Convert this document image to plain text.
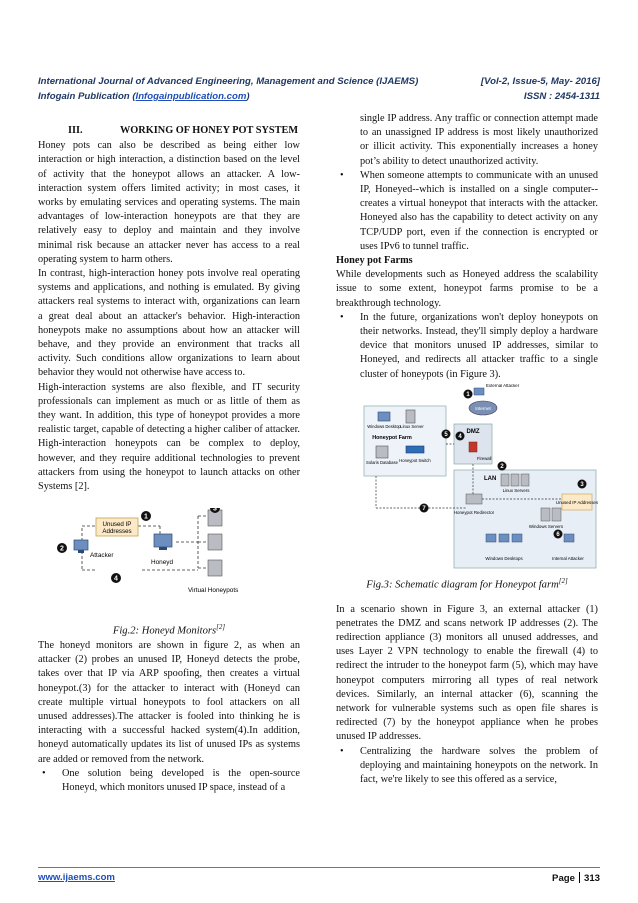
International Journal of Advanced Engineering, Management and Science (IJAEMS)	[Vol-2, Issue-5, May- 2016]
Infogain Publication (Infogainpublication.com)	ISSN : 2454-1311

III.	WORKING OF HONEY POT SYSTEM

Honey pots can also be described as being either low interaction or high interaction, a distinction based on the level of activity that the honeypot allows an attacker. A low-interaction system offers limited activity; in most cases, it works by emulating services and operating systems. The main advantages of low-interaction honeypots are that they are relatively easy to deploy and maintain and they involve minimal risk because an attacker never has access to a real operating system to harm others.

In contrast, high-interaction honey pots involve real operating systems and applications, and nothing is emulated. By giving attackers real systems to interact with, organizations can learn a great deal about an attacker's behavior. High-interaction honeypots make no assumptions about how an attacker will behave, and they provide an environment that tracks all activity. Such conditions allow organizations to learn about behavior they would not otherwise have access to.

High-interaction systems are also flexible, and IT security professionals can implement as much or as little of them as they want. In addition, this type of honeypot provides a more realistic target, capable of detecting a higher caliber of attacker. High-interaction honeypots can be complex to deploy, however, and they require additional technologies to prevent attackers from using the honeypot to launch attacks on other Systems [2].

Unused IP
Addresses
Attacker
Honeyd
Virtual Honeypots
1
2
3
4

Fig.2: Honeyd Monitors[2]

The honeyd monitors are shown in figure 2, as when an attacker (2) probes an unused IP, Honeyd detects the probe, takes over that IP via ARP spoofing, then creates a virtual honeypot.(3) for the attacker to interact with (Honeyd can create multiple virtual honeypots to fool attackers on all unused addresses).The attacker is fooled into thinking he is interacting with a successful hacked system(4).In addition, honeyd automatically updates its list of unused IPs as systems are added or removed from the network.

• One solution being developed is the open-source Honeyd, which monitors unused IP space, instead of a

single IP address. Any traffic or connection attempt made to an unassigned IP address is most likely unauthorized or illicit activity. This exponentially increases a honey pot’s ability to detect unauthorized activity.

• When someone attempts to communicate with an unused IP, Honeyed--which is installed on a single computer--creates a virtual honeypot that interacts with the attacker. Honeyed also has the capability to detect activity on any TCP/UDP port, even if the connection is encrypted or uses IPv6 to tunnel traffic.

Honey pot Farms

While developments such as Honeyed address the scalability issue to some extent, honeypot farms promise to be a breakthrough technology.

• In the future, organizations won't deploy honeypots on their networks. Instead, they'll simply deploy a hardware device that monitors unused IP addresses, similar to Honeyed, and redirects all attacker traffic to a single cluster of honeypots (in Figure 3).

Honeypot Farm
Windows Desktop Linux Server
Solaris Database Honeypot Switch
DMZ
Firewall
Internet
External Attacker
LAN
Linux Servers
Unused IP Addresses
Honeypot Redirector
Windows Servers
Windows Desktops	Internal Attacker
1
2
3
4
5
6
7

Fig.3: Schematic diagram for Honeypot farm[2]

In a scenario shown in Figure 3, an external attacker (1) penetrates the DMZ and scans network IP addresses (2). The redirection appliance (3) monitors all unused addresses, and uses Layer 2 VPN technology to enable the firewall (4) to redirect the intruder to the honeypot farm (5), which may have honeypot computers mirroring all types of real network devices. Similarly, an internal attacker (6), scanning the network for vulnerable systems such as open file shares is redirected (7) by the honeypot appliance when he probes unused IP addresses.

• Centralizing the hardware solves the problem of deploying and maintaining honeypots on the network. In fact, we're likely to see this offered as a service,

www.ijaems.com	Page 313
